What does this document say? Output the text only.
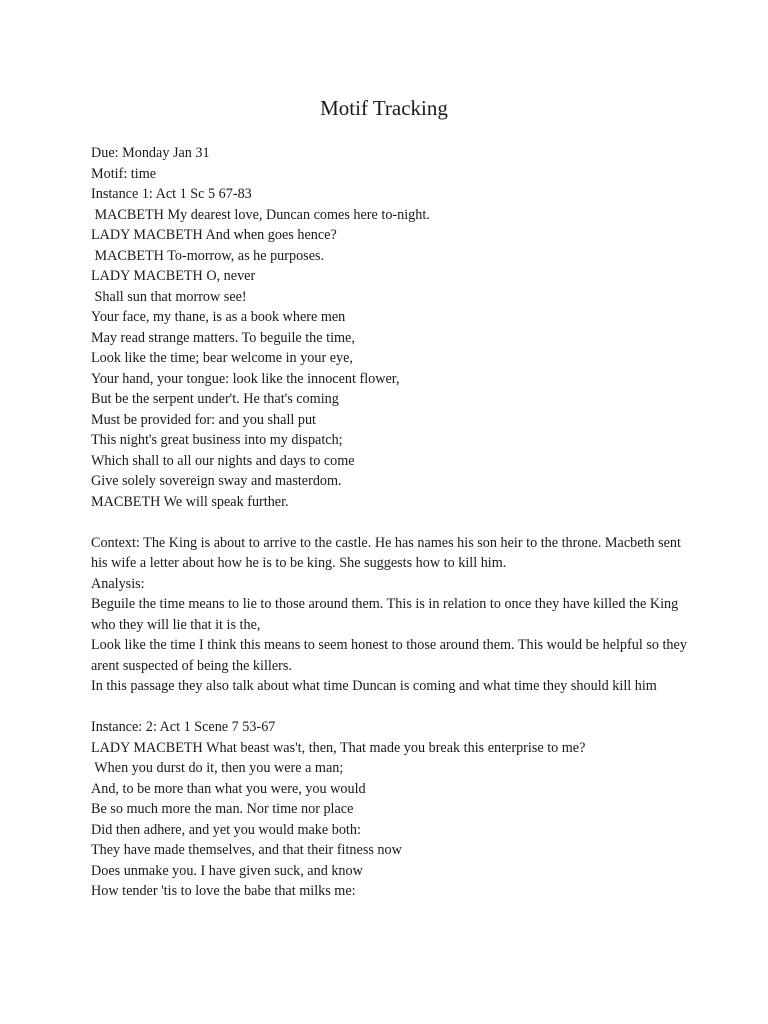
Motif Tracking
Due: Monday Jan 31
Motif: time
Instance 1: Act 1 Sc 5 67-83
MACBETH My dearest love, Duncan comes here to-night.
LADY MACBETH And when goes hence?
MACBETH To-morrow, as he purposes.
LADY MACBETH O, never
Shall sun that morrow see!
Your face, my thane, is as a book where men
May read strange matters. To beguile the time,
Look like the time; bear welcome in your eye,
Your hand, your tongue: look like the innocent flower,
But be the serpent under't. He that's coming
Must be provided for: and you shall put
This night's great business into my dispatch;
Which shall to all our nights and days to come
Give solely sovereign sway and masterdom.
MACBETH We will speak further.
Context: The King is about to arrive to the castle. He has names his son heir to the throne. Macbeth sent his wife a letter about how he is to be king. She suggests how to kill him.
Analysis:
Beguile the time means to lie to those around them. This is in relation to once they have killed the King who they will lie that it is the,
Look like the time I think this means to seem honest to those around them. This would be helpful so they arent suspected of being the killers.
In this passage they also talk about what time Duncan is coming and what time they should kill him
Instance: 2: Act 1 Scene 7 53-67
LADY MACBETH What beast was't, then, That made you break this enterprise to me?
When you durst do it, then you were a man;
And, to be more than what you were, you would
Be so much more the man. Nor time nor place
Did then adhere, and yet you would make both:
They have made themselves, and that their fitness now
Does unmake you. I have given suck, and know
How tender 'tis to love the babe that milks me:
